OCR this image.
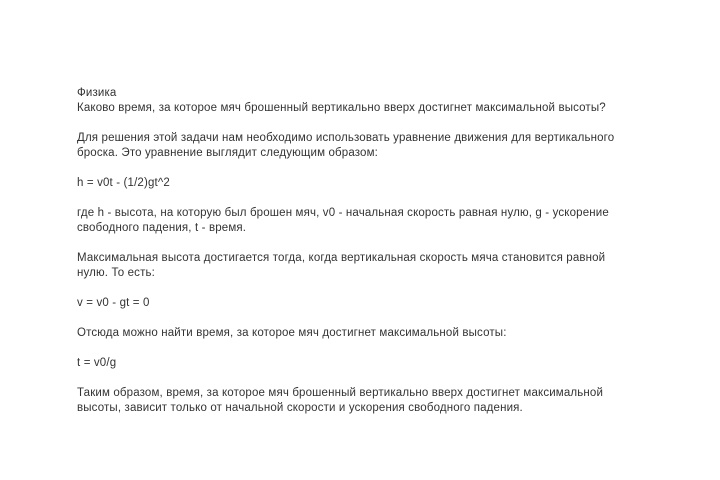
Физика
Каково время, за которое мяч брошенный вертикально вверх достигнет максимальной высоты?
Для решения этой задачи нам необходимо использовать уравнение движения для вертикального
броска. Это уравнение выглядит следующим образом:
h = v0t - (1/2)gt^2
где h - высота, на которую был брошен мяч, v0 - начальная скорость равная нулю, g - ускорение
свободного падения, t - время.
Максимальная высота достигается тогда, когда вертикальная скорость мяча становится равной
нулю. То есть:
v = v0 - gt = 0
Отсюда можно найти время, за которое мяч достигнет максимальной высоты:
t = v0/g
Таким образом, время, за которое мяч брошенный вертикально вверх достигнет максимальной
высоты, зависит только от начальной скорости и ускорения свободного падения.
